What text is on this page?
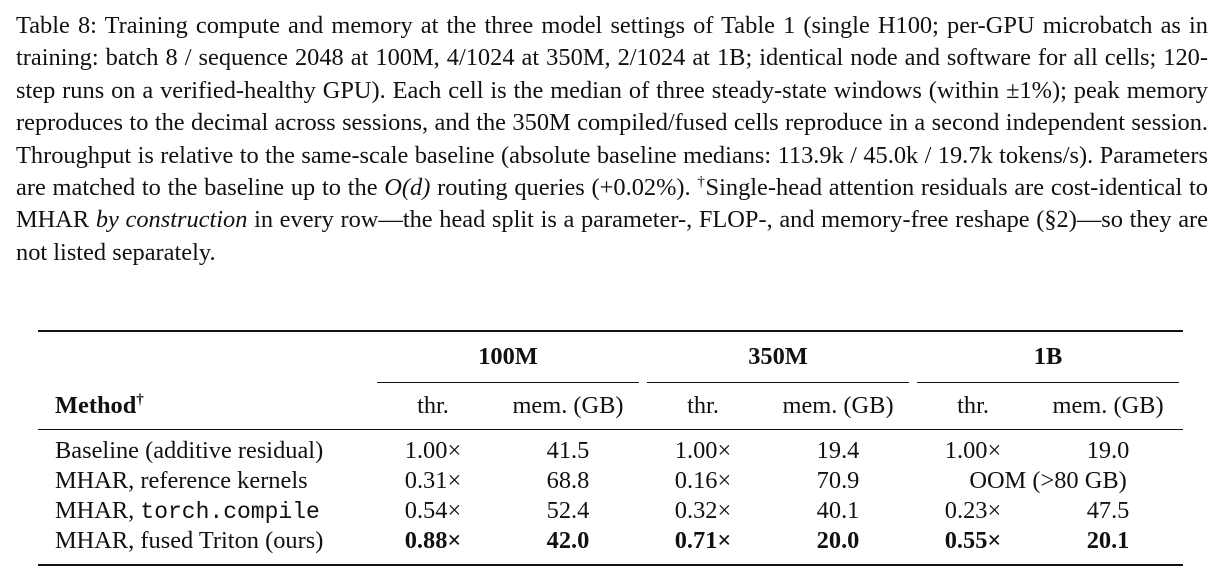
Table 8: Training compute and memory at the three model settings of Table 1 (single H100; per-GPU microbatch as in training: batch 8 / sequence 2048 at 100M, 4/1024 at 350M, 2/1024 at 1B; identical node and software for all cells; 120-step runs on a verified-healthy GPU). Each cell is the median of three steady-state windows (within ±1%); peak memory reproduces to the decimal across sessions, and the 350M compiled/fused cells reproduce in a second independent session. Throughput is relative to the same-scale baseline (absolute baseline medians: 113.9k / 45.0k / 19.7k tokens/s). Parameters are matched to the baseline up to the O(d) routing queries (+0.02%). †Single-head attention residuals are cost-identical to MHAR by construction in every row—the head split is a parameter-, FLOP-, and memory-free reshape (§2)—so they are not listed separately.
	100M		350M		1B	

Method†	thr.	mem. (GB)	thr.	mem. (GB)	thr.	mem. (GB)

Baseline (additive residual)	1.00×	41.5	1.00×	19.4	1.00×	19.0
MHAR, reference kernels	0.31×	68.8	0.16×	70.9	OOM (>80 GB)	
MHAR, torch.compile	0.54×	52.4	0.32×	40.1	0.23×	47.5
MHAR, fused Triton (ours)	0.88×	42.0	0.71×	20.0	0.55×	20.1
